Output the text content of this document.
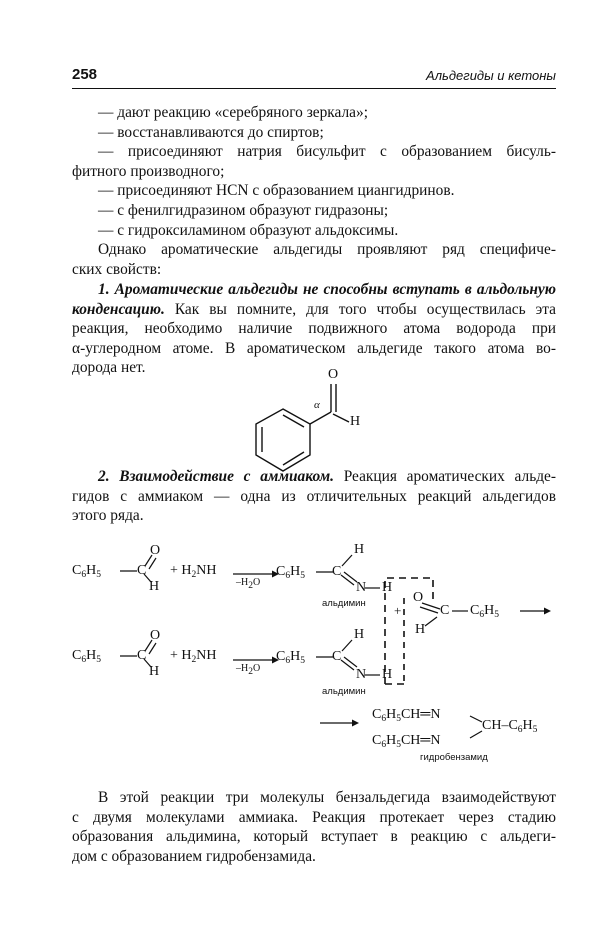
258	Альдегиды и кетоны
— дают реакцию «серебряного зеркала»;
— восстанавливаются до спиртов;
— присоединяют натрия бисульфит с образованием бисуль-
фитного производного;
— присоединяют HCN с образованием циангидринов.
— с фенилгидразином образуют гидразоны;
— с гидроксиламином образуют альдоксимы.
Однако ароматические альдегиды проявляют ряд специфиче-
ских свойств:
1. Ароматические альдегиды не способны вступать в альдольную
конденсацию. Как вы помните, для того чтобы осуществилась эта
реакция, необходимо наличие подвижного атома водорода при
α-углеродном атоме. В ароматическом альдегиде такого атома во-
дорода нет.	O
H
α
2. Взаимодействие с аммиаком. Реакция ароматических альде-
гидов с аммиаком — одна из отличительных реакций альдегидов
этого ряда.
$C_6H_5$	C
O
H
+ $H_2NH$
$-H_2O$
$C_6H_5$ C
H
N H
альдимин +
O
C
H
$C_6H_5$
$C_6H_5$	C
O
H
+ $H_2NH$
$-H_2O$
$C_6H_5$ C
H
N H
альдимин
$C_6H_5CH═N$
$CH-C_6H_5$
$C_6H_5CH═N$
гидробензамид
В этой реакции три молекулы бензальдегида взаимодействуют
с двумя молекулами аммиака. Реакция протекает через стадию
образования альдимина, который вступает в реакцию с альдеги-
дом с образованием гидробензамида.
